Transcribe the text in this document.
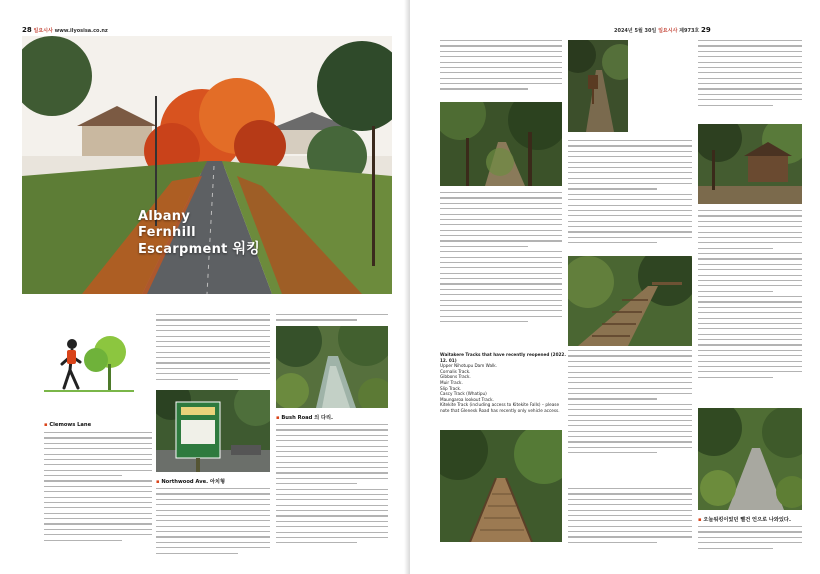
28 일요시사 www.ilyosisa.co.nz
Albany
Fernhill
Escarpment 워킹
▪ Clemows Lane
▪ Northwood Ave. 아치형
▪ Bush Road 의 다리.
2024년 5월 30일 일요시사 제973호 29
Waitakere Tracks that have recently reopened (2022. 12. 01)
Upper Nihotupu Dam Walk.
Cornalis Track.
Gibbons Track.
Muir Track.
Slip Track.
Cascy Track (Whatipu)
Maungaroa lookout Track.
Kitekite Track (including access to Kitekite Falls) – please note that Glenesk Road has recently only vehicle access.
▪ 오늘워킹이었던 뻘건 언으로 나와있다.
